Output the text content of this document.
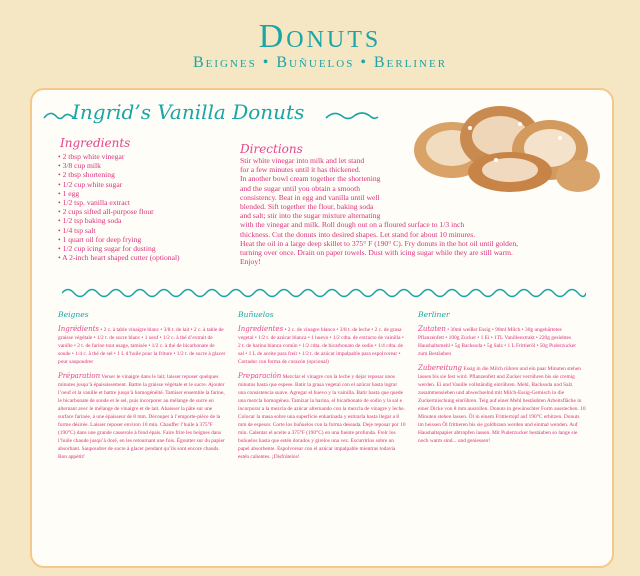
Donuts
Beignes • Buñuelos • Berliner
Ingrid’s Vanilla Donuts
Ingredients
• 2 tbsp white vinegar
• 3/8 cup milk
• 2 tbsp shortening
• 1/2 cup white sugar
• 1 egg
• 1/2 tsp. vanilla extract
• 2 cups sifted all-purpose flour
• 1/2 tsp baking soda
• 1/4 tsp salt
• 1 quart oil for deep frying
• 1/2 cup icing sugar for dusting
• A 2-inch heart shaped cutter (optional)
Directions
Stir white vinegar into milk and let stand
for a few minutes until it has thickened.
In another bowl cream together the shortening
and the sugar until you obtain a smooth
consistency. Beat in egg and vanilla until well
blended. Sift together the flour, baking soda
and salt; stir into the sugar mixture alternating
with the vinegar and milk. Roll dough out on a floured surface to 1/3 inch
thickness. Cut the donuts into desired shapes. Let stand for about 10 minures.
Heat the oil in a large deep skillet to 375° F (190° C). Fry donuts in the hot oil until golden,
turning over once. Drain on paper towels. Dust with icing sugar while they are still warm.
Enjoy!
Beignes
Ingrédients • 2 c. à table vinaigre blanc • 3/8 t. de lait • 2 c. à table de graisse végétale • 1/2 t. de sucre blanc • 1 oeuf • 1/2 c. à thé d’extrait de vanille • 2 t. de farine tout usage, tamisée • 1/2 c. à thé de bicarbonate de soude • 1/4 c. à thé de sel • 1 L d’huile pour la friture • 1/2 t. de sucre à glacer pour saupoudrer
Préparation Verser le vinaigre dans le lait; laisser reposer quelques minutes jusqu’à épaississement. Battre la graisse végétale et le sucre. Ajouter l’oeuf et la vanille et battre jusqu’à homogénéité. Tamiser ensemble la farine, le bicarbonate de soude et le sel, puis incorporer au mélange de sucre en alternant avec le mélange de vinaigre et de lait. Abaisser la pâte sur une surface farinée, à une épaisseur de 8 mm. Découper à l’emporte-pièce de la forme désirée. Laisser reposer environ 10 min. Chauffer l’huile à 375°F (190°C) dans une grande casserole à fond épais. Faire frire les beignes dans l’huile chaude jusqu’à doré, en les retournant une fois. Égoutter sur du papier absorbant. Saupoudrer de sucre à glacer pendant qu’ils sont encore chauds. Bon appétit!
Buñuelos
Ingredientes • 2 c. de vinagre blanco • 3/8 t. de leche • 2 c. de grasa vegetal • 1/2 t. de azúcar blanca • 1 huevo • 1/2 cdta. de extracto de vainilla • 2 t. de harina blanca común • 1/2 cdta. de bicarbonato de sodio • 1/4 cdta. de sal • 1 L de aceite para freír • 1/2 t. de azúcar impalpable para espolvorear • Cortador con forma de corazón (opcional)
Preparación Mezclar el vinagre con la leche y dejar reposar unos minutos hasta que espese. Batir la grasa vegetal con el azúcar hasta lograr una consistencia suave. Agregar el huevo y la vainilla. Batir hasta que quede una mezcla homogénea. Tamizar la harina, el bicarbonato de sodio y la sal e incorporar a la mezcla de azúcar alternando con la mezcla de vinagre y leche. Colocar la masa sobre una superficie enharinada y estirarla hasta llegar a 8 mm de espesor. Corte los buñuelos con la forma deseada. Deje reposar por 10 min. Calentar el aceite a 375°F (190°C) en una fuente profunda. Freír los buñuelos hasta que estén dorados y girelos una vez. Escurrirlos sobre un papel absorbente. Espolvorear con el azúcar impalpable mientras todavía estén calientes. ¡Disfrútelos!
Berliner
Zutaten • 30ml weißer Essig • 90ml Milch • 30g ungehärtetes Pflanzenfett • 100g Zucker • 1 Ei • 1TL Vanilleextrakt • 220g gesiebtes Haushaltsmehl • 5g Backsoda • 5g Salz • 1 L Frittieröl • 50g Puderzucker zum Bestäuben
Zubereitung Essig in die Milch rühren und ein paar Minuten stehen lassen bis sie fest wird. Pflanzenfett und Zucker verrühren bis sie cremig werden. Ei und Vanille vollständig einrühren. Mehl, Backsoda und Salz zusammensieben und abwechselnd mit Milch-Essig-Gemisch in die Zuckermischung einrühren. Teig auf einer Mehl bestäubten Arbeitsfläche in einer Dicke von 8 mm ausrollen. Donuts in gewünschter Form ausstechen. 10 Minuten stehen lassen. Öl in einem Frittiertopf auf 190°C erhitzen. Donuts im heissen Öl frittieren bis sie goldbraun werden und einmal wenden. Auf Haushaltspapier abtropfen lassen. Mit Puderzucker bestäuben so lange sie noch warm sind... und geniessen!
